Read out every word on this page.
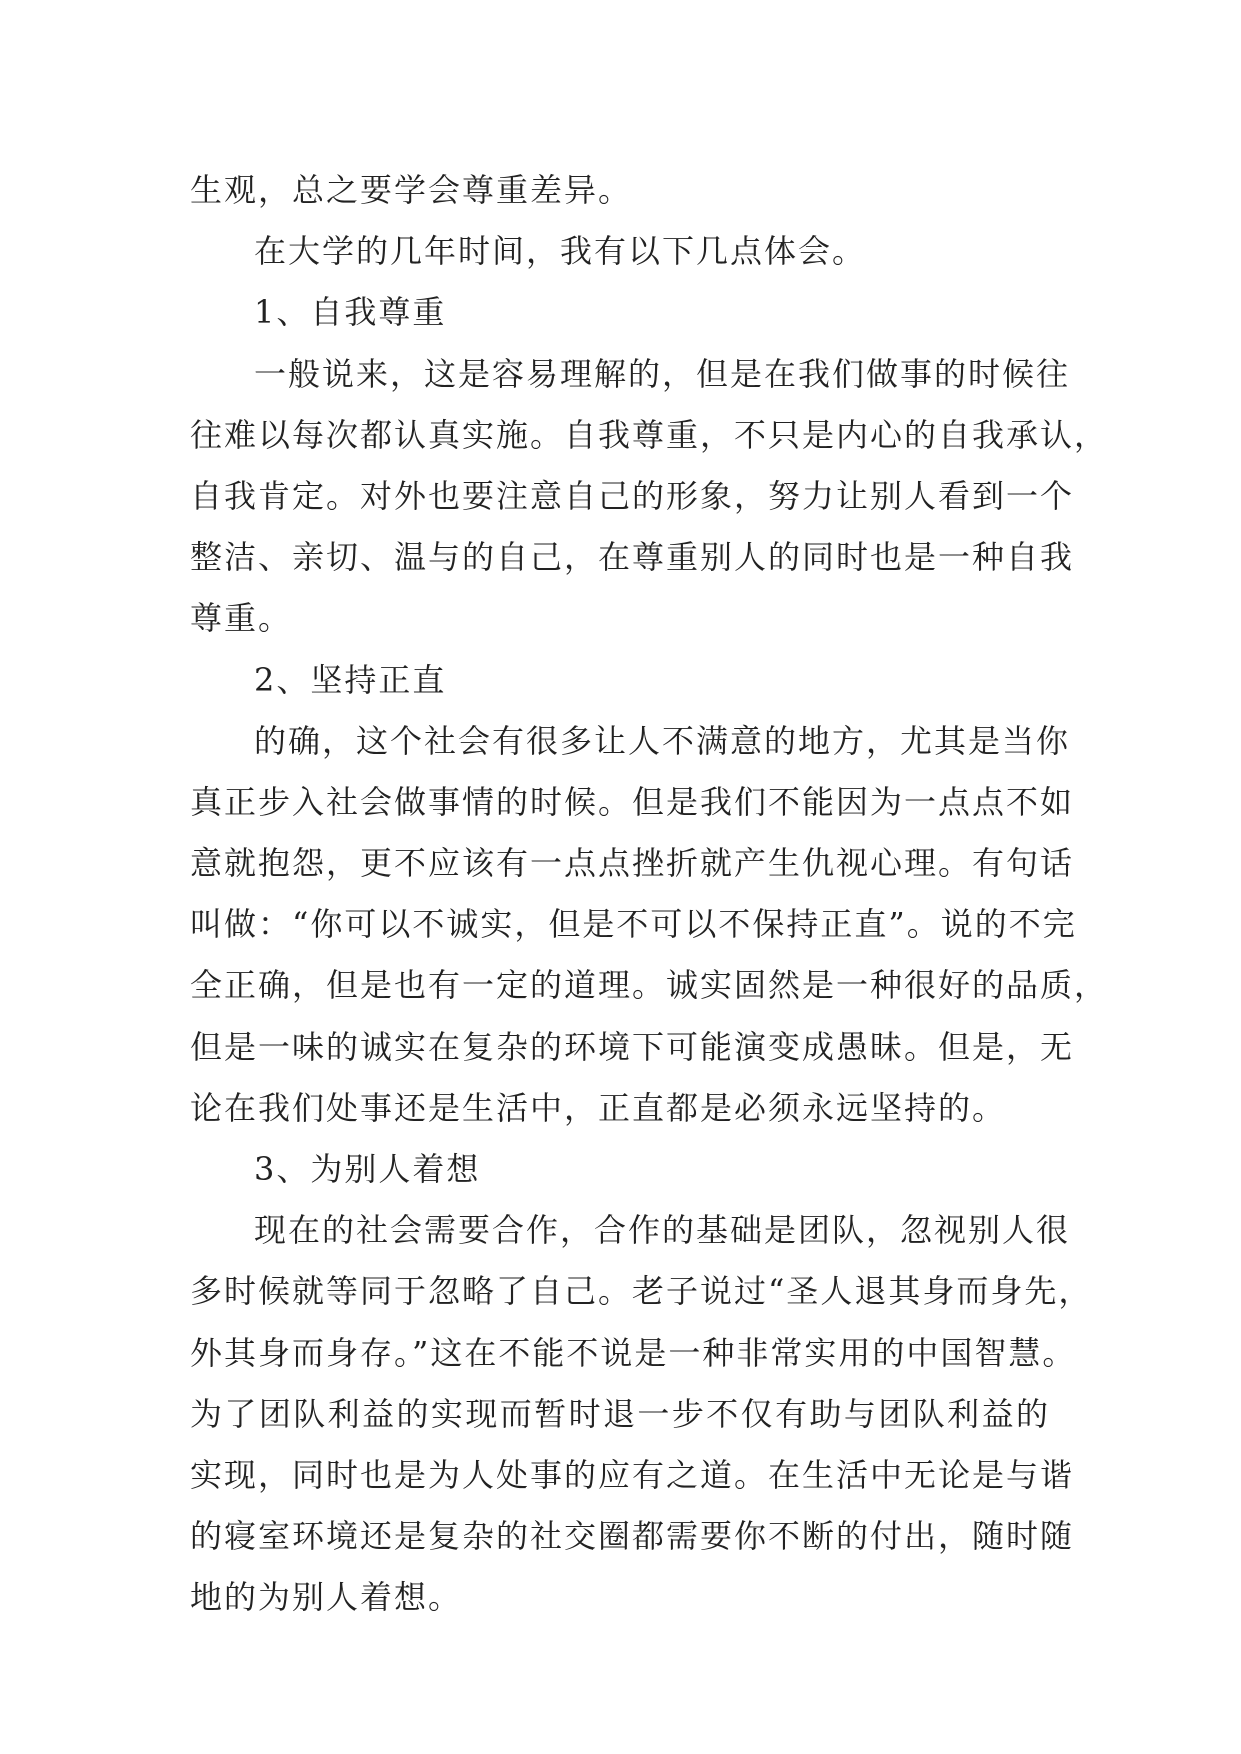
生观，总之要学会尊重差异。
在大学的几年时间，我有以下几点体会。
1、自我尊重
一般说来，这是容易理解的，但是在我们做事的时候往
往难以每次都认真实施。自我尊重，不只是内心的自我承认，
自我肯定。对外也要注意自己的形象，努力让别人看到一个
整洁、亲切、温与的自己，在尊重别人的同时也是一种自我
尊重。
2、坚持正直
的确，这个社会有很多让人不满意的地方，尤其是当你
真正步入社会做事情的时候。但是我们不能因为一点点不如
意就抱怨，更不应该有一点点挫折就产生仇视心理。有句话
叫做：“你可以不诚实，但是不可以不保持正直”。说的不完
全正确，但是也有一定的道理。诚实固然是一种很好的品质，
但是一味的诚实在复杂的环境下可能演变成愚昧。但是，无
论在我们处事还是生活中，正直都是必须永远坚持的。
3、为别人着想
现在的社会需要合作，合作的基础是团队，忽视别人很
多时候就等同于忽略了自己。老子说过“圣人退其身而身先，
外其身而身存。”这在不能不说是一种非常实用的中国智慧。
为了团队利益的实现而暂时退一步不仅有助与团队利益的
实现，同时也是为人处事的应有之道。在生活中无论是与谐
的寝室环境还是复杂的社交圈都需要你不断的付出，随时随
地的为别人着想。
